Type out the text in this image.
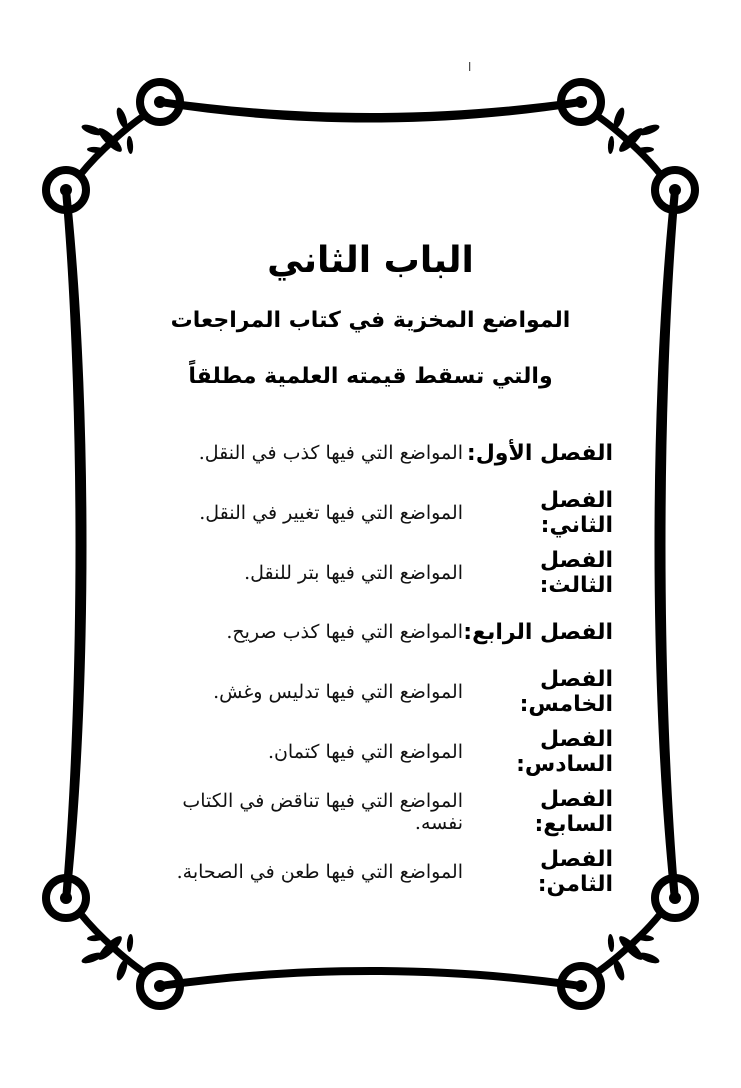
ا
الباب الثاني
المواضع المخزية في كتاب المراجعات
والتي تسقط قيمته العلمية مطلقاً
الفصل الأول:
المواضع التي فيها كذب في النقل.
الفصل الثاني:
المواضع التي فيها تغيير في النقل.
الفصل الثالث:
المواضع التي فيها بتر للنقل.
الفصل الرابع:
المواضع التي فيها كذب صريح.
الفصل الخامس:
المواضع التي فيها تدليس وغش.
الفصل السادس:
المواضع التي فيها كتمان.
الفصل السابع:
المواضع التي فيها تناقض في الكتاب نفسه.
الفصل الثامن:
المواضع التي فيها طعن في الصحابة.
